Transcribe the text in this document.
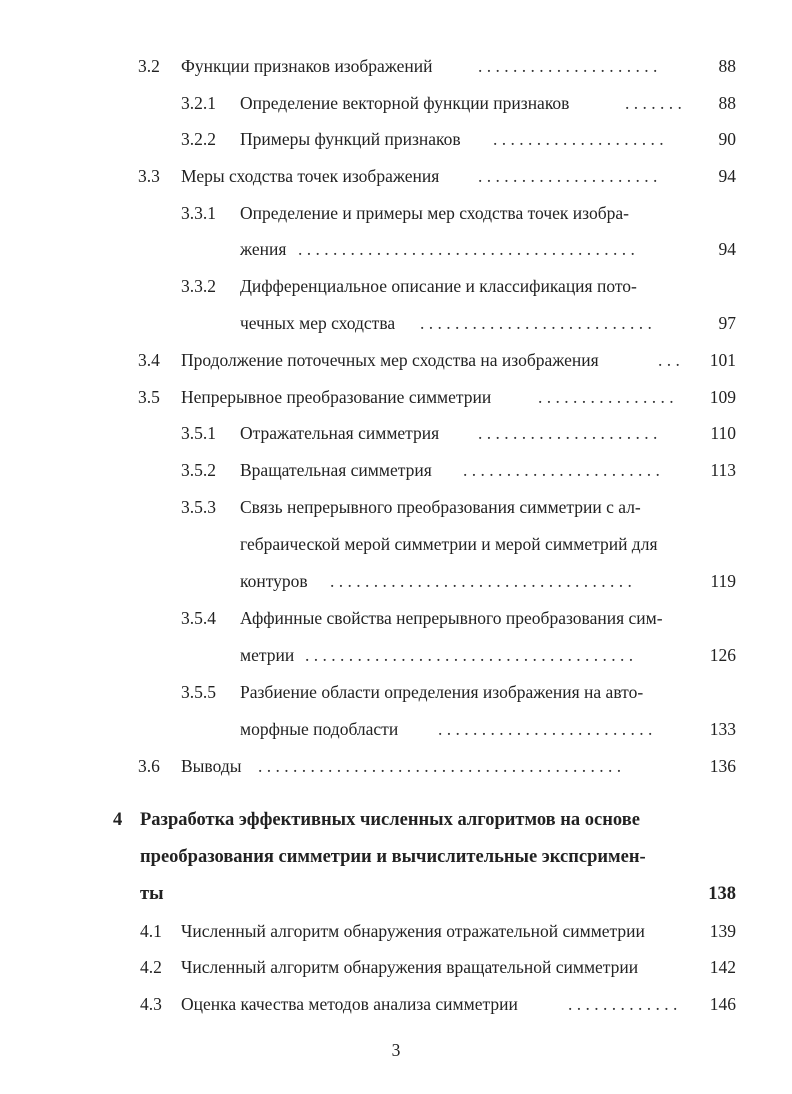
3.2 Функции признаков изображений	. . . . . . . . . . . . . . . . . . . . .	88
3.2.1 Определение векторной функции признаков	. . . . . . .	88
3.2.2 Примеры функций признаков . . . . . . . . . . . . . . . . . . . .	90
3.3 Меры сходства точек изображения . . . . . . . . . . . . . . . . . . . . .	94
3.3.1 Определение и примеры мер сходства точек изобра-
жения . . . . . . . . . . . . . . . . . . . . . . . . . . . . . . . . . . . . . . .	94
3.3.2 Дифференциальное описание и классификация пото-
чечных мер сходства . . . . . . . . . . . . . . . . . . . . . . . . . . .	97
3.4 Продолжение поточечных мер сходства на изображения	. . .	101
3.5 Непрерывное преобразование симметрии	. . . . . . . . . . . . . . . .	109
3.5.1 Отражательная симметрия . . . . . . . . . . . . . . . . . . . . .	110
3.5.2 Вращательная симметрия . . . . . . . . . . . . . . . . . . . . . . .	113
3.5.3 Связь непрерывного преобразования симметрии с ал-
гебраической мерой симметрии и мерой симметрий для
контуров . . . . . . . . . . . . . . . . . . . . . . . . . . . . . . . . . . .	119
3.5.4 Аффинные свойства непрерывного преобразования сим-
метрии . . . . . . . . . . . . . . . . . . . . . . . . . . . . . . . . . . . . . .	126
3.5.5 Разбиение области определения изображения на авто-
морфные подобласти . . . . . . . . . . . . . . . . . . . . . . . . .	133
3.6 Выводы . . . . . . . . . . . . . . . . . . . . . . . . . . . . . . . . . . . . . . . . . .	136
4 Разработка эффективных численных алгоритмов на основе
преобразования симметрии и вычислительные экспсримен-
ты	138
4.1 Численный алгоритм обнаружения отражательной симметрии	139
4.2 Численный алгоритм обнаружения вращательной симметрии	142
4.3 Оценка качества методов анализа симметрии	. . . . . . . . . . . . .	146
3
